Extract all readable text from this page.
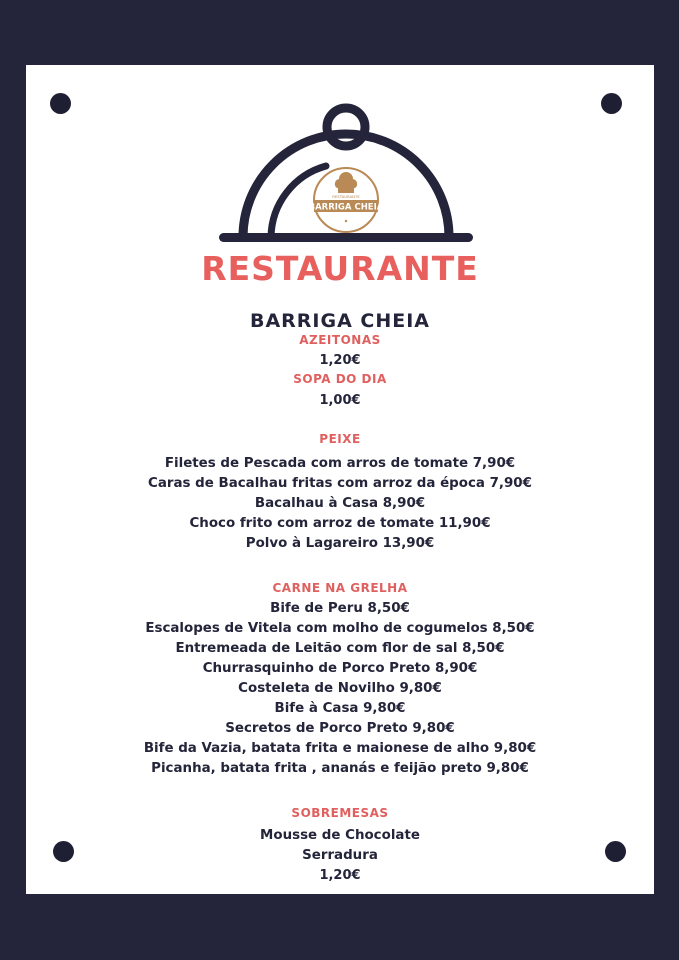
RESTAURANTE
BARRIGA CHEIA
RESTAURANTE
BARRIGA CHEIA
AZEITONAS
1,20€
SOPA DO DIA
1,00€
PEIXE
Filetes de Pescada com arros de tomate 7,90€
Caras de Bacalhau fritas com arroz da época 7,90€
Bacalhau à Casa 8,90€
Choco frito com arroz de tomate 11,90€
Polvo à Lagareiro 13,90€
CARNE NA GRELHA
Bife de Peru 8,50€
Escalopes de Vitela com molho de cogumelos 8,50€
Entremeada de Leitão com flor de sal 8,50€
Churrasquinho de Porco Preto 8,90€
Costeleta de Novilho 9,80€
Bife à Casa 9,80€
Secretos de Porco Preto 9,80€
Bife da Vazia, batata frita e maionese de alho 9,80€
Picanha, batata frita , ananás e feijão preto 9,80€
SOBREMESAS
Mousse de Chocolate
Serradura
1,20€
